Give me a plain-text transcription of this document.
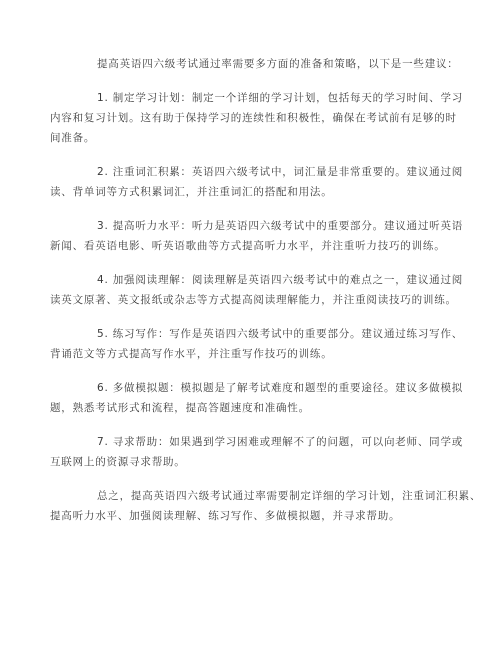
提高英语四六级考试通过率需要多方面的准备和策略，以下是一些建议：

1. 制定学习计划：制定一个详细的学习计划，包括每天的学习时间、学习
内容和复习计划。这有助于保持学习的连续性和积极性，确保在考试前有足够的时
间准备。

2. 注重词汇积累：英语四六级考试中，词汇量是非常重要的。建议通过阅
读、背单词等方式积累词汇，并注重词汇的搭配和用法。

3. 提高听力水平：听力是英语四六级考试中的重要部分。建议通过听英语
新闻、看英语电影、听英语歌曲等方式提高听力水平，并注重听力技巧的训练。

4. 加强阅读理解：阅读理解是英语四六级考试中的难点之一，建议通过阅
读英文原著、英文报纸或杂志等方式提高阅读理解能力，并注重阅读技巧的训练。

5. 练习写作：写作是英语四六级考试中的重要部分。建议通过练习写作、
背诵范文等方式提高写作水平，并注重写作技巧的训练。

6. 多做模拟题：模拟题是了解考试难度和题型的重要途径。建议多做模拟
题，熟悉考试形式和流程，提高答题速度和准确性。

7. 寻求帮助：如果遇到学习困难或理解不了的问题，可以向老师、同学或
互联网上的资源寻求帮助。

总之，提高英语四六级考试通过率需要制定详细的学习计划，注重词汇积累、
提高听力水平、加强阅读理解、练习写作、多做模拟题，并寻求帮助。
